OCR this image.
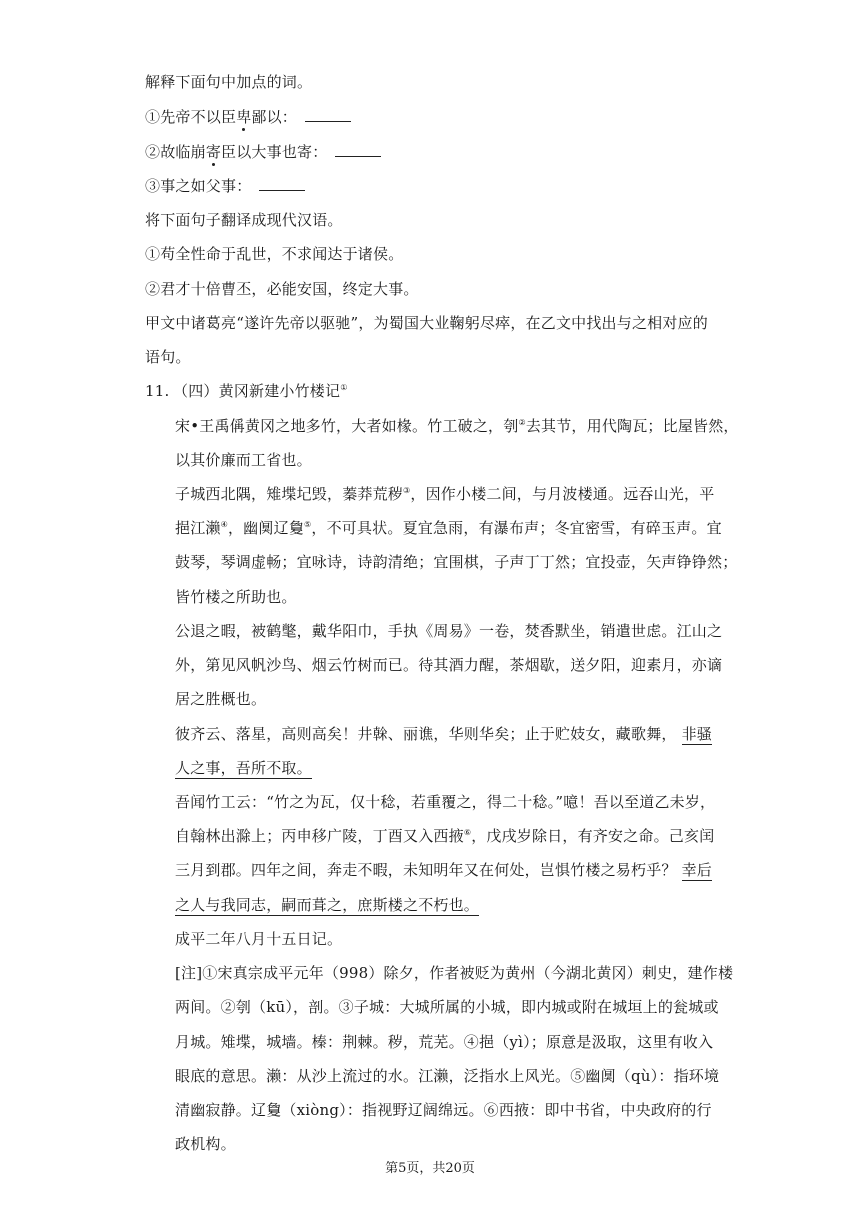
解释下面句中加点的词。
①先帝不以臣卑鄙以：
②故临崩寄臣以大事也寄：
③事之如父事：
将下面句子翻译成现代汉语。
①苟全性命于乱世，不求闻达于诸侯。
②君才十倍曹丕，必能安国，终定大事。
甲文中诸葛亮“遂许先帝以驱驰”，为蜀国大业鞠躬尽瘁，在乙文中找出与之相对应的
语句。
11. （四）黄冈新建小竹楼记①
宋•王禹偁黄冈之地多竹，大者如椽。竹工破之，刳②去其节，用代陶瓦；比屋皆然，
以其价廉而工省也。
子城西北隅，雉堞圮毁，蓁莽荒秽③，因作小楼二间，与月波楼通。远吞山光，平
挹江濑④，幽阒辽敻⑤，不可具状。夏宜急雨，有瀑布声；冬宜密雪，有碎玉声。宜
鼓琴，琴调虚畅；宜咏诗，诗韵清绝；宜围棋，子声丁丁然；宜投壶，矢声铮铮然；
皆竹楼之所助也。
公退之暇，被鹤氅，戴华阳巾，手执《周易》一卷，焚香默坐，销遣世虑。江山之
外，第见风帆沙鸟、烟云竹树而已。待其酒力醒，茶烟歇，送夕阳，迎素月，亦谪
居之胜概也。
彼齐云、落星，高则高矣！井榦、丽谯，华则华矣；止于贮妓女，藏歌舞， 非骚
人之事，吾所不取。
吾闻竹工云：“竹之为瓦，仅十稔，若重覆之，得二十稔。”噫！吾以至道乙未岁，
自翰林出滁上；丙申移广陵，丁酉又入西掖⑥，戊戌岁除日，有齐安之命。己亥闰
三月到郡。四年之间，奔走不暇，未知明年又在何处，岂惧竹楼之易朽乎？ 幸后
之人与我同志，嗣而葺之，庶斯楼之不朽也。
成平二年八月十五日记。
[注]①宋真宗成平元年（998）除夕，作者被贬为黄州（今湖北黄冈）刺史，建作楼
两间。②刳（kū），剖。③子城：大城所属的小城，即内城或附在城垣上的瓮城或
月城。雉堞，城墙。榛：荆棘。秽，荒芜。④挹（yì）；原意是汲取，这里有收入
眼底的意思。濑：从沙上流过的水。江濑，泛指水上风光。⑤幽阒（qù）：指环境
清幽寂静。辽敻（xiòng）：指视野辽阔绵远。⑥西掖：即中书省，中央政府的行
政机构。
第5页，共20页
